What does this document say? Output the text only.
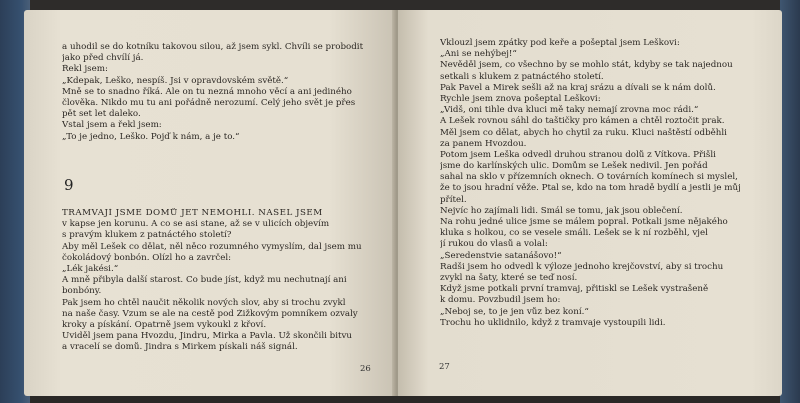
a uhodil se do kotníku takovou silou, až jsem sykl. Chvíli se probodit
jako před chvílí já.
Řekl jsem:
„Kdepak, Leško, nespíš. Jsi v opravdovském světě.“
Mně se to snadno říká. Ale on tu nezná mnoho věcí a ani jediného
člověka. Nikdo mu tu ani pořádně nerozumí. Celý jeho svět je přes
pět set let daleko.
Vstal jsem a řekl jsem:
„To je jedno, Leško. Pojď k nám, a je to.“
9
TRAMVAJÍ JSME DOMŮ JET NEMOHLI. NAŠEL JSEM
v kapse jen korunu. A co se asi stane, až se v ulicích objevím
s pravým klukem z patnáctého století?
Aby měl Lešek co dělat, něl něco rozumného vymyslím, dal jsem mu
čokoládový bonbón. Olízl ho a zavrčel:
„Lék jakési.“
A mně přibyla další starost. Co bude jíst, když mu nechutnají ani
bonbóny.
Pak jsem ho chtěl naučit několik nových slov, aby si trochu zvykl
na naše časy. Vzum se ale na cestě pod Žižkovým pomníkem ozvaly
kroky a pískání. Opatrně jsem vykoukl z křoví.
Uviděl jsem pana Hvozdu, Jindru, Mirka a Pavla. Už skončili bitvu
a vracelí se domů. Jindra s Mirkem pískali náš signál.
26
Vklouzl jsem zpátky pod keře a pošeptal jsem Leškovi:
„Ani se nehýbej!“
Nevěděl jsem, co všechno by se mohlo stát, kdyby se tak najednou
setkali s klukem z patnáctého století.
Pak Pavel a Mirek sešli až na kraj srázu a dívali se k nám dolů.
Rychle jsem znova pošeptal Leškovi:
„Vidš, oni tihle dva kluci mě taky nemají zrovna moc rádi.“
A Lešek rovnou sáhl do taštičky pro kámen a chtěl roztočit prak.
Měl jsem co dělat, abych ho chytil za ruku. Kluci naštěstí odběhli
za panem Hvozdou.
Potom jsem Leška odvedl druhou stranou dolů z Vítkova. Přišli
jsme do karlínských ulic. Domům se Lešek nedivil. Jen pořád
sahal na sklo v přízemních oknech. O továrních komínech si myslel,
že to jsou hradní věže. Ptal se, kdo na tom hradě bydlí a jestli je můj
přítel.
Nejvíc ho zajímali lidi. Smál se tomu, jak jsou oblečení.
Na rohu jedné ulice jsme se málem popral. Potkali jsme nějakého
kluka s holkou, co se vesele smáli. Lešek se k ní rozběhl, vjel
jí rukou do vlasů a volal:
„Šeredenstvie satanášovo!“
Radši jsem ho odvedl k výloze jednoho krejčovství, aby si trochu
zvykl na šaty, které se teď nosí.
Když jsme potkali první tramvaj, přitiskl se Lešek vystrašeně
k domu. Povzbudil jsem ho:
„Neboj se, to je jen vůz bez koní.“
Trochu ho uklidnilo, když z tramvaje vystoupili lidi.
27
